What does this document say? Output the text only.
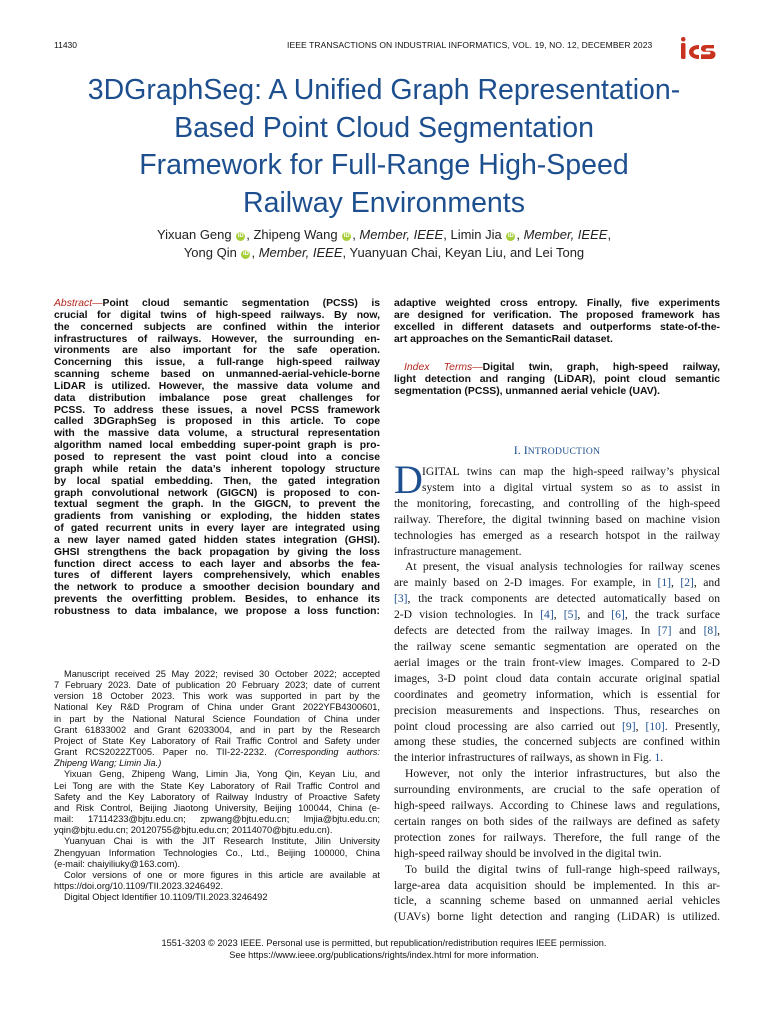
11430	IEEE TRANSACTIONS ON INDUSTRIAL INFORMATICS, VOL. 19, NO. 12, DECEMBER 2023
3DGraphSeg: A Unified Graph Representation-
Based Point Cloud Segmentation
Framework for Full-Range High-Speed
Railway Environments
Yixuan Geng iD , Zhipeng Wang iD , Member, IEEE, Limin Jia iD , Member, IEEE,
Yong Qin iD , Member, IEEE, Yuanyuan Chai, Keyan Liu, and Lei Tong
Abstract—Point cloud semantic segmentation (PCSS) is
crucial for digital twins of high-speed railways. By now,
the concerned subjects are confined within the interior
infrastructures of railways. However, the surrounding en-
vironments are also important for the safe operation.
Concerning this issue, a full-range high-speed railway
scanning scheme based on unmanned-aerial-vehicle-borne
LiDAR is utilized. However, the massive data volume and
data distribution imbalance pose great challenges for
PCSS. To address these issues, a novel PCSS framework
called 3DGraphSeg is proposed in this article. To cope
with the massive data volume, a structural representation
algorithm named local embedding super-point graph is pro-
posed to represent the vast point cloud into a concise
graph while retain the data’s inherent topology structure
by local spatial embedding. Then, the gated integration
graph convolutional network (GIGCN) is proposed to con-
textual segment the graph. In the GIGCN, to prevent the
gradients from vanishing or exploding, the hidden states
of gated recurrent units in every layer are integrated using
a new layer named gated hidden states integration (GHSI).
GHSI strengthens the back propagation by giving the loss
function direct access to each layer and absorbs the fea-
tures of different layers comprehensively, which enables
the network to produce a smoother decision boundary and
prevents the overfitting problem. Besides, to enhance its
robustness to data imbalance, we propose a loss function:
Manuscript received 25 May 2022; revised 30 October 2022; accepted
7 February 2023. Date of publication 20 February 2023; date of current
version 18 October 2023. This work was supported in part by the
National Key R&D Program of China under Grant 2022YFB4300601,
in part by the National Natural Science Foundation of China under
Grant 61833002 and Grant 62033004, and in part by the Research
Project of State Key Laboratory of Rail Traffic Control and Safety under
Grant RCS2022ZT005. Paper no. TII-22-2232. (Corresponding authors:
Zhipeng Wang; Limin Jia.)
Yixuan Geng, Zhipeng Wang, Limin Jia, Yong Qin, Keyan Liu, and
Lei Tong are with the State Key Laboratory of Rail Traffic Control and
Safety and the Key Laboratory of Railway Industry of Proactive Safety
and Risk Control, Beijing Jiaotong University, Beijing 100044, China (e-
mail: 17114233@bjtu.edu.cn; zpwang@bjtu.edu.cn; lmjia@bjtu.edu.cn;
yqin@bjtu.edu.cn; 20120755@bjtu.edu.cn; 20114070@bjtu.edu.cn).
Yuanyuan Chai is with the JIT Research Institute, Jilin University
Zhengyuan Information Technologies Co., Ltd., Beijing 100000, China
(e-mail: chaiyiliuky@163.com).
Color versions of one or more figures in this article are available at
https://doi.org/10.1109/TII.2023.3246492.
Digital Object Identifier 10.1109/TII.2023.3246492
adaptive weighted cross entropy. Finally, five experiments
are designed for verification. The proposed framework has
excelled in different datasets and outperforms state-of-the-
art approaches on the SemanticRail dataset.
Index Terms—Digital twin, graph, high-speed railway,
light detection and ranging (LiDAR), point cloud semantic
segmentation (PCSS), unmanned aerial vehicle (UAV).
I. INTRODUCTION
D IGITAL twins can map the high-speed railway’s physical
system into a digital virtual system so as to assist in
the monitoring, forecasting, and controlling of the high-speed
railway. Therefore, the digital twinning based on machine vision
technologies has emerged as a research hotspot in the railway
infrastructure management.
At present, the visual analysis technologies for railway scenes
are mainly based on 2-D images. For example, in [1], [2], and
[3], the track components are detected automatically based on
2-D vision technologies. In [4], [5], and [6], the track surface
defects are detected from the railway images. In [7] and [8],
the railway scene semantic segmentation are operated on the
aerial images or the train front-view images. Compared to 2-D
images, 3-D point cloud data contain accurate original spatial
coordinates and geometry information, which is essential for
precision measurements and inspections. Thus, researches on
point cloud processing are also carried out [9], [10]. Presently,
among these studies, the concerned subjects are confined within
the interior infrastructures of railways, as shown in Fig. 1.
However, not only the interior infrastructures, but also the
surrounding environments, are crucial to the safe operation of
high-speed railways. According to Chinese laws and regulations,
certain ranges on both sides of the railways are defined as safety
protection zones for railways. Therefore, the full range of the
high-speed railway should be involved in the digital twin.
To build the digital twins of full-range high-speed railways,
large-area data acquisition should be implemented. In this ar-
ticle, a scanning scheme based on unmanned aerial vehicles
(UAVs) borne light detection and ranging (LiDAR) is utilized.
1551-3203 © 2023 IEEE. Personal use is permitted, but republication/redistribution requires IEEE permission.
See https://www.ieee.org/publications/rights/index.html for more information.
